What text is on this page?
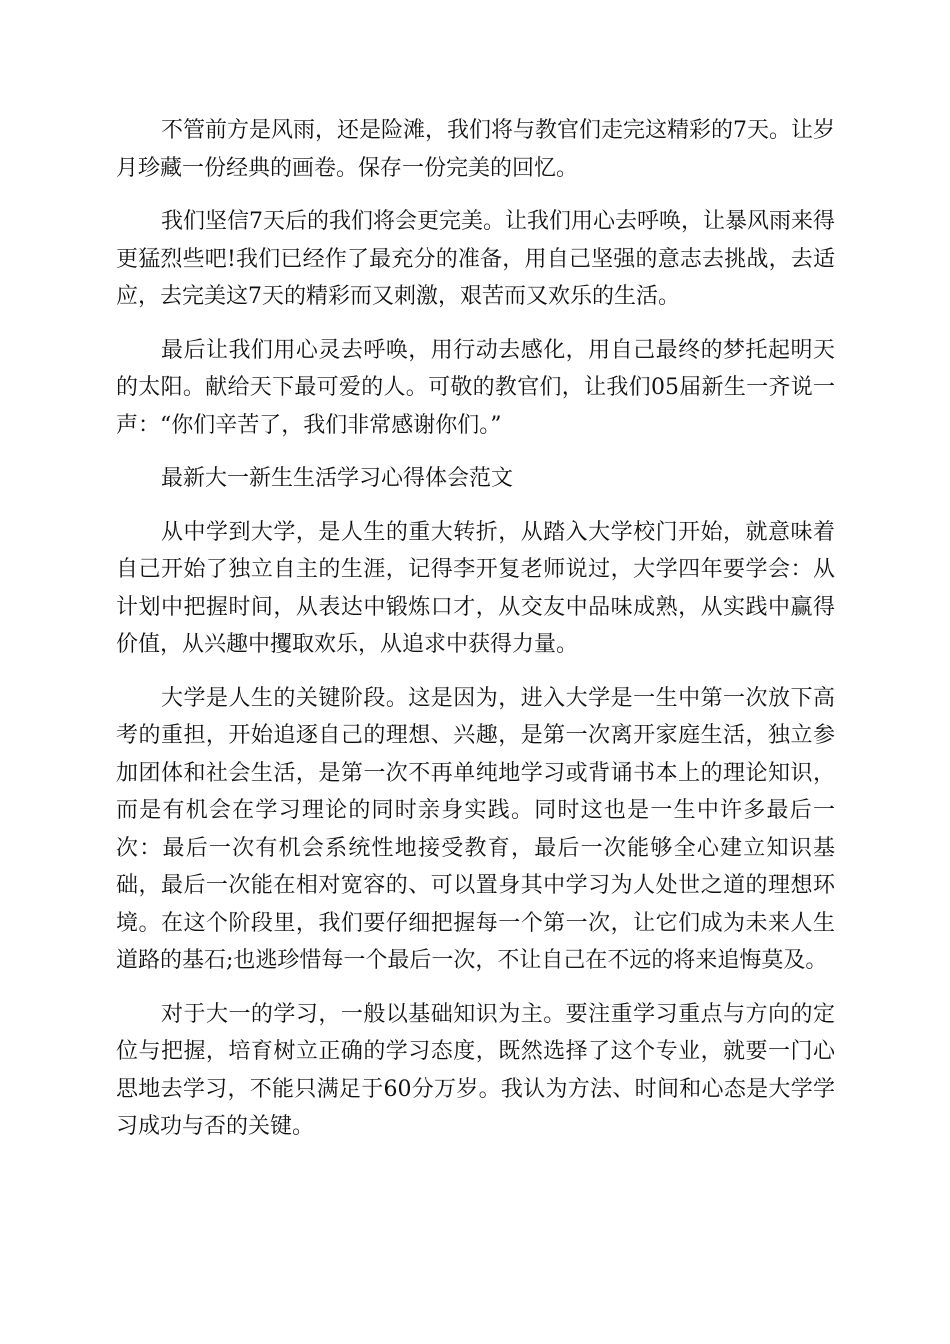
不管前方是风雨，还是险滩，我们将与教官们走完这精彩的7天。让岁月珍藏一份经典的画卷。保存一份完美的回忆。

我们坚信7天后的我们将会更完美。让我们用心去呼唤，让暴风雨来得更猛烈些吧!我们已经作了最充分的准备，用自己坚强的意志去挑战，去适应，去完美这7天的精彩而又刺激，艰苦而又欢乐的生活。

最后让我们用心灵去呼唤，用行动去感化，用自己最终的梦托起明天的太阳。献给天下最可爱的人。可敬的教官们，让我们05届新生一齐说一声：“你们辛苦了，我们非常感谢你们。”

最新大一新生生活学习心得体会范文

从中学到大学，是人生的重大转折，从踏入大学校门开始，就意味着自己开始了独立自主的生涯，记得李开复老师说过，大学四年要学会：从计划中把握时间，从表达中锻炼口才，从交友中品味成熟，从实践中赢得价值，从兴趣中攫取欢乐，从追求中获得力量。

大学是人生的关键阶段。这是因为，进入大学是一生中第一次放下高考的重担，开始追逐自己的理想、兴趣，是第一次离开家庭生活，独立参加团体和社会生活，是第一次不再单纯地学习或背诵书本上的理论知识，而是有机会在学习理论的同时亲身实践。同时这也是一生中许多最后一次：最后一次有机会系统性地接受教育，最后一次能够全心建立知识基础，最后一次能在相对宽容的、可以置身其中学习为人处世之道的理想环境。在这个阶段里，我们要仔细把握每一个第一次，让它们成为未来人生道路的基石;也逃珍惜每一个最后一次，不让自己在不远的将来追悔莫及。

对于大一的学习，一般以基础知识为主。要注重学习重点与方向的定位与把握，培育树立正确的学习态度，既然选择了这个专业，就要一门心思地去学习，不能只满足于60分万岁。我认为方法、时间和心态是大学学习成功与否的关键。
